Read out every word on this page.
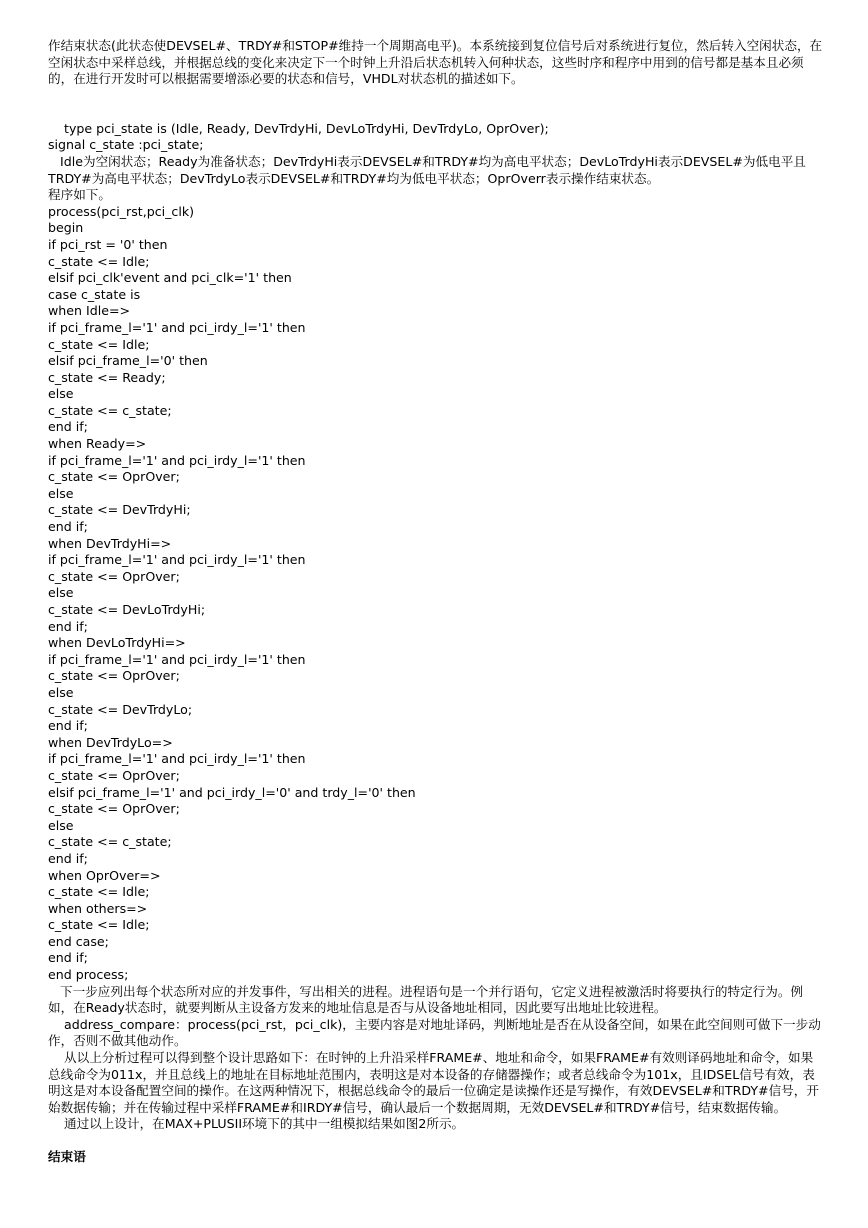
作结束状态(此状态使DEVSEL#、TRDY#和STOP#维持一个周期高电平)。本系统接到复位信号后对系统进行复位，然后转入空闲状态，在空闲状态中采样总线，并根据总线的变化来决定下一个时钟上升沿后状态机转入何种状态，这些时序和程序中用到的信号都是基本且必须的，在进行开发时可以根据需要增添必要的状态和信号，VHDL对状态机的描述如下。

type pci_state is (Idle, Ready, DevTrdyHi, DevLoTrdyHi, DevTrdyLo, OprOver);

signal c_state :pci_state;

Idle为空闲状态；Ready为准备状态；DevTrdyHi表示DEVSEL#和TRDY#均为高电平状态；DevLoTrdyHi表示DEVSEL#为低电平且TRDY#为高电平状态；DevTrdyLo表示DEVSEL#和TRDY#均为低电平状态；OprOverr表示操作结束状态。

程序如下。

process(pci_rst,pci_clk)

begin

if pci_rst = '0' then

c_state <= Idle;

elsif pci_clk'event and pci_clk='1' then

case c_state is

when Idle=>

if pci_frame_l='1' and pci_irdy_l='1' then

c_state <= Idle;

elsif pci_frame_l='0' then

c_state <= Ready;

else

c_state <= c_state;

end if;

when Ready=>

if pci_frame_l='1' and pci_irdy_l='1' then

c_state <= OprOver;

else

c_state <= DevTrdyHi;

end if;

when DevTrdyHi=>

if pci_frame_l='1' and pci_irdy_l='1' then

c_state <= OprOver;

else

c_state <= DevLoTrdyHi;

end if;

when DevLoTrdyHi=>

if pci_frame_l='1' and pci_irdy_l='1' then

c_state <= OprOver;

else

c_state <= DevTrdyLo;

end if;

when DevTrdyLo=>

if pci_frame_l='1' and pci_irdy_l='1' then

c_state <= OprOver;

elsif pci_frame_l='1' and pci_irdy_l='0' and trdy_l='0' then

c_state <= OprOver;

else

c_state <= c_state;

end if;

when OprOver=>

c_state <= Idle;

when others=>

c_state <= Idle;

end case;

end if;

end process;

下一步应列出每个状态所对应的并发事件，写出相关的进程。进程语句是一个并行语句，它定义进程被激活时将要执行的特定行为。例如，在Ready状态时，就要判断从主设备方发来的地址信息是否与从设备地址相同，因此要写出地址比较进程。

address_compare：process(pci_rst，pci_clk)，主要内容是对地址译码，判断地址是否在从设备空间，如果在此空间则可做下一步动作，否则不做其他动作。

从以上分析过程可以得到整个设计思路如下：在时钟的上升沿采样FRAME#、地址和命令，如果FRAME#有效则译码地址和命令，如果总线命令为011x，并且总线上的地址在目标地址范围内，表明这是对本设备的存储器操作；或者总线命令为101x，且IDSEL信号有效，表明这是对本设备配置空间的操作。在这两种情况下，根据总线命令的最后一位确定是读操作还是写操作，有效DEVSEL#和TRDY#信号，开始数据传输；并在传输过程中采样FRAME#和IRDY#信号，确认最后一个数据周期，无效DEVSEL#和TRDY#信号，结束数据传输。

通过以上设计，在MAX+PLUSII环境下的其中一组模拟结果如图2所示。

结束语
